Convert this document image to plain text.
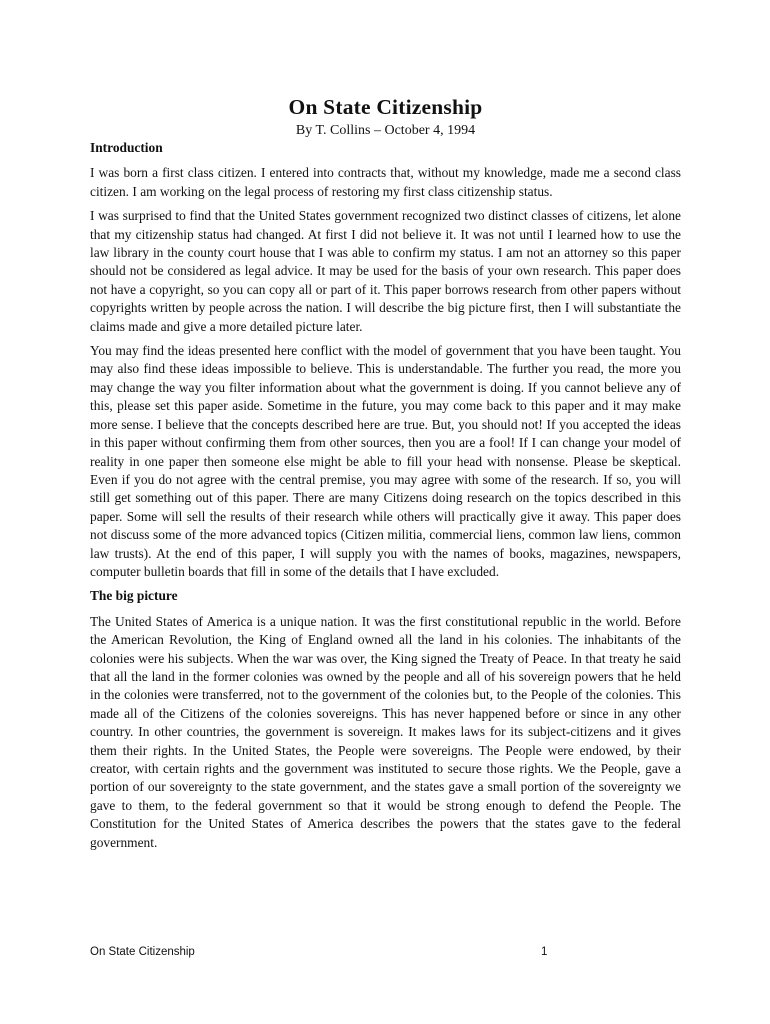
On State Citizenship
By T. Collins – October 4, 1994
Introduction
I was born a first class citizen. I entered into contracts that, without my knowledge, made me a second class citizen. I am working on the legal process of restoring my first class citizenship status.
I was surprised to find that the United States government recognized two distinct classes of citizens, let alone that my citizenship status had changed. At first I did not believe it. It was not until I learned how to use the law library in the county court house that I was able to confirm my status. I am not an attorney so this paper should not be considered as legal advice. It may be used for the basis of your own research. This paper does not have a copyright, so you can copy all or part of it. This paper borrows research from other papers without copyrights written by people across the nation. I will describe the big picture first, then I will substantiate the claims made and give a more detailed picture later.
You may find the ideas presented here conflict with the model of government that you have been taught. You may also find these ideas impossible to believe. This is understandable. The further you read, the more you may change the way you filter information about what the government is doing. If you cannot believe any of this, please set this paper aside. Sometime in the future, you may come back to this paper and it may make more sense. I believe that the concepts described here are true. But, you should not! If you accepted the ideas in this paper without confirming them from other sources, then you are a fool! If I can change your model of reality in one paper then someone else might be able to fill your head with nonsense. Please be skeptical. Even if you do not agree with the central premise, you may agree with some of the research. If so, you will still get something out of this paper. There are many Citizens doing research on the topics described in this paper. Some will sell the results of their research while others will practically give it away. This paper does not discuss some of the more advanced topics (Citizen militia, commercial liens, common law liens, common law trusts). At the end of this paper, I will supply you with the names of books, magazines, newspapers, computer bulletin boards that fill in some of the details that I have excluded.
The big picture
The United States of America is a unique nation. It was the first constitutional republic in the world. Before the American Revolution, the King of England owned all the land in his colonies. The inhabitants of the colonies were his subjects. When the war was over, the King signed the Treaty of Peace. In that treaty he said that all the land in the former colonies was owned by the people and all of his sovereign powers that he held in the colonies were transferred, not to the government of the colonies but, to the People of the colonies. This made all of the Citizens of the colonies sovereigns. This has never happened before or since in any other country. In other countries, the government is sovereign. It makes laws for its subject-citizens and it gives them their rights. In the United States, the People were sovereigns. The People were endowed, by their creator, with certain rights and the government was instituted to secure those rights. We the People, gave a portion of our sovereignty to the state government, and the states gave a small portion of the sovereignty we gave to them, to the federal government so that it would be strong enough to defend the People. The Constitution for the United States of America describes the powers that the states gave to the federal government.
On State Citizenship	1
